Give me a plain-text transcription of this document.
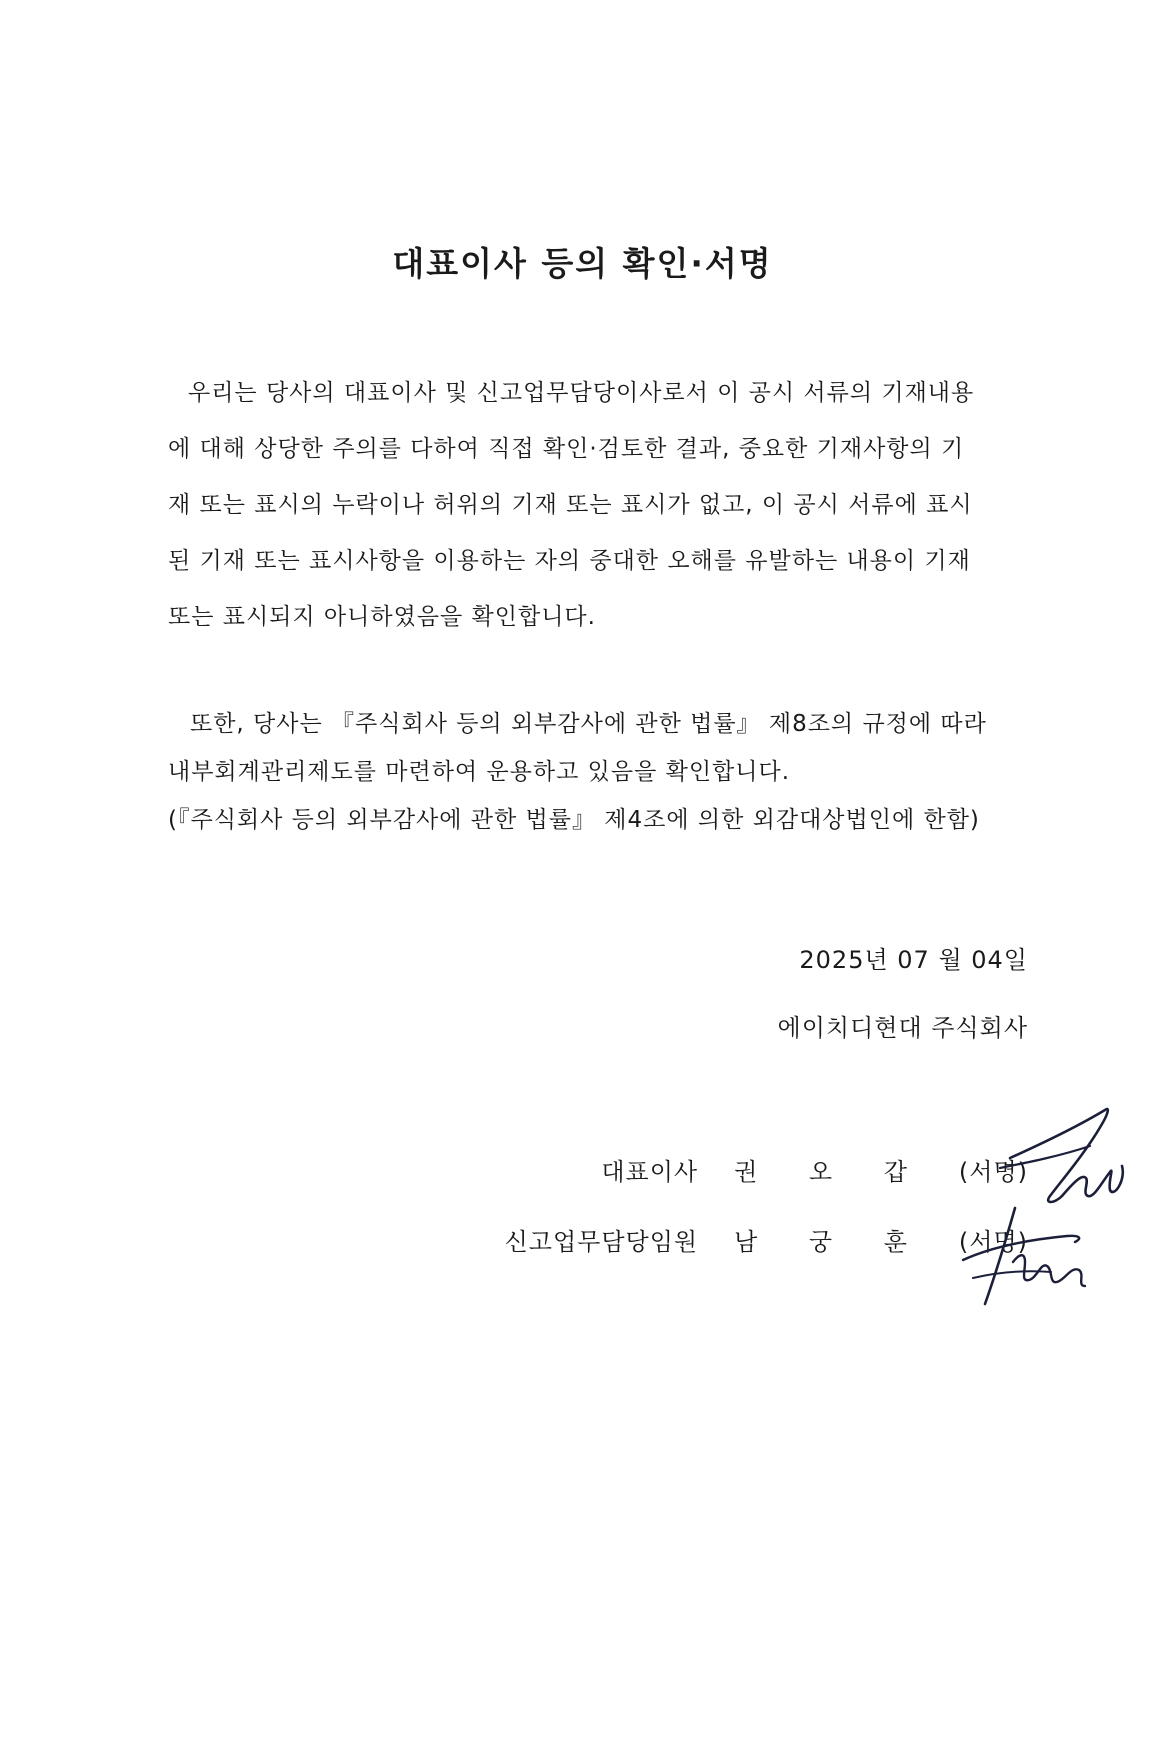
대표이사 등의 확인·서명
우리는 당사의 대표이사 및 신고업무담당이사로서 이 공시 서류의 기재내용
에 대해 상당한 주의를 다하여 직접 확인·검토한 결과, 중요한 기재사항의 기
재 또는 표시의 누락이나 허위의 기재 또는 표시가 없고, 이 공시 서류에 표시
된 기재 또는 표시사항을 이용하는 자의 중대한 오해를 유발하는 내용이 기재
또는 표시되지 아니하였음을 확인합니다.
또한, 당사는 『주식회사 등의 외부감사에 관한 법률』 제8조의 규정에 따라
내부회계관리제도를 마련하여 운용하고 있음을 확인합니다.
(『주식회사 등의 외부감사에 관한 법률』 제4조에 의한 외감대상법인에 한함)
2025년 07 월 04일
에이치디현대 주식회사
대표이사 권 오 갑 (서명)
신고업무담당임원 남 궁 훈 (서명)
